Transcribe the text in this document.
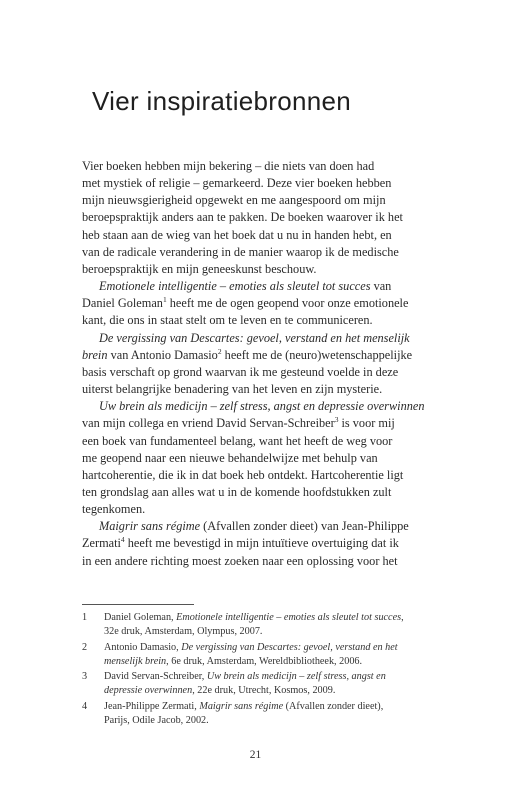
Vier inspiratiebronnen

Vier boeken hebben mijn bekering – die niets van doen had
met mystiek of religie – gemarkeerd. Deze vier boeken hebben
mijn nieuwsgierigheid opgewekt en me aangespoord om mijn
beroepspraktijk anders aan te pakken. De boeken waarover ik het
heb staan aan de wieg van het boek dat u nu in handen hebt, en
van de radicale verandering in de manier waarop ik de medische
beroepspraktijk en mijn geneeskunst beschouw.

Emotionele intelligentie – emoties als sleutel tot succes van
Daniel Goleman$^1$ heeft me de ogen geopend voor onze emotionele
kant, die ons in staat stelt om te leven en te communiceren.

De vergissing van Descartes: gevoel, verstand en het menselijk
brein van Antonio Damasio$^2$ heeft me de (neuro)wetenschappelijke
basis verschaft op grond waarvan ik me gesteund voelde in deze
uiterst belangrijke benadering van het leven en zijn mysterie.

Uw brein als medicijn – zelf stress, angst en depressie overwinnen
van mijn collega en vriend David Servan-Schreiber$^3$ is voor mij
een boek van fundamenteel belang, want het heeft de weg voor
me geopend naar een nieuwe behandelwijze met behulp van
hartcoherentie, die ik in dat boek heb ontdekt. Hartcoherentie ligt
ten grondslag aan alles wat u in de komende hoofdstukken zult
tegenkomen.

Maigrir sans régime (Afvallen zonder dieet) van Jean-Philippe
Zermati$^4$ heeft me bevestigd in mijn intuïtieve overtuiging dat ik
in een andere richting moest zoeken naar een oplossing voor het

1 Daniel Goleman, Emotionele intelligentie – emoties als sleutel tot succes,
32e druk, Amsterdam, Olympus, 2007.
2 Antonio Damasio, De vergissing van Descartes: gevoel, verstand en het
menselijk brein, 6e druk, Amsterdam, Wereldbibliotheek, 2006.
3 David Servan-Schreiber, Uw brein als medicijn – zelf stress, angst en
depressie overwinnen, 22e druk, Utrecht, Kosmos, 2009.
4 Jean-Philippe Zermati, Maigrir sans régime (Afvallen zonder dieet),
Parijs, Odile Jacob, 2002.
21
